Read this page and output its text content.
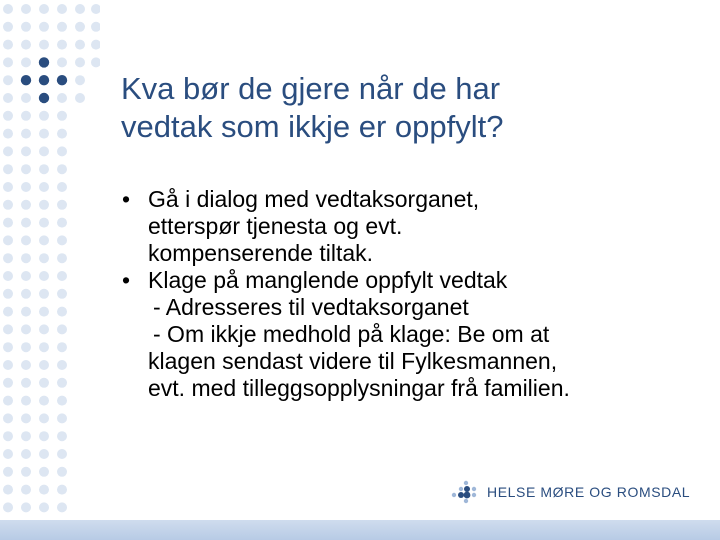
Kva bør de gjere når de har
vedtak som ikkje er oppfylt?
• Gå i dialog med vedtaksorganet,
etterspør tjenesta og evt.
kompenserende tiltak.
• Klage på manglende oppfylt vedtak
- Adresseres til vedtaksorganet
- Om ikkje medhold på klage: Be om at
klagen sendast videre til Fylkesmannen,
evt. med tilleggsopplysningar frå familien.
HELSE MØRE OG ROMSDAL
